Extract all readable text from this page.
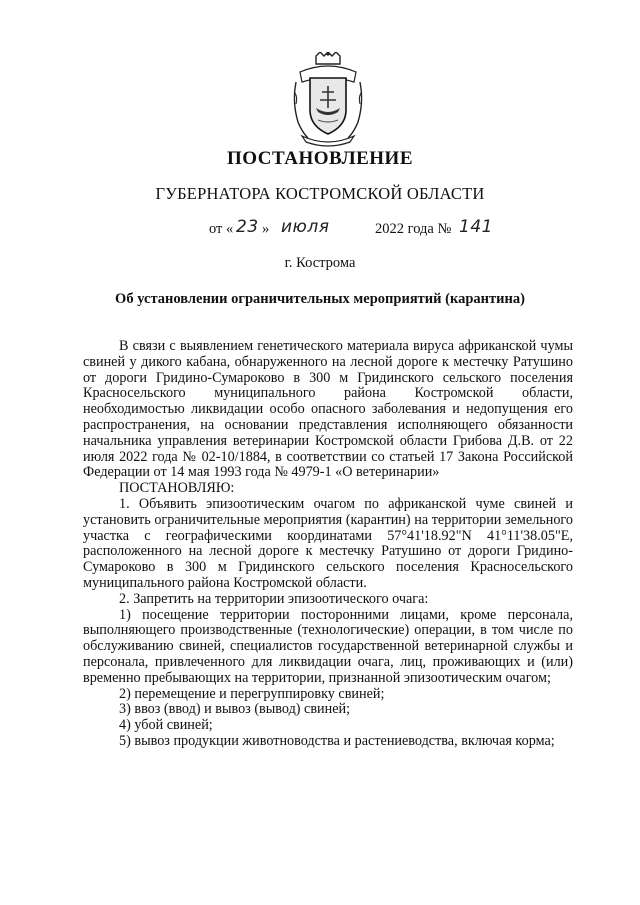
ПОСТАНОВЛЕНИЕ
ГУБЕРНАТОРА КОСТРОМСКОЙ ОБЛАСТИ
от « 23 » июля	2022 года № 141
г. Кострома
Об установлении ограничительных мероприятий (карантина)

В связи с выявлением генетического материала вируса африканской чумы свиней у дикого кабана, обнаруженного на лесной дороге к местечку Ратушино от дороги Гридино-Сумароково в 300 м Гридинского сельского поселения Красносельского муниципального района Костромской области, необходимостью ликвидации особо опасного заболевания и недопущения его распространения, на основании представления исполняющего обязанности начальника управления ветеринарии Костромской области Грибова Д.В. от 22 июля 2022 года № 02-10/1884, в соответствии со статьей 17 Закона Российской Федерации от 14 мая 1993 года № 4979-1 «О ветеринарии»

ПОСТАНОВЛЯЮ:

1. Объявить эпизоотическим очагом по африканской чуме свиней и установить ограничительные мероприятия (карантин) на территории земельного участка с географическими координатами 57°41'18.92"N 41°11'38.05"E, расположенного на лесной дороге к местечку Ратушино от дороги Гридино-Сумароково в 300 м Гридинского сельского поселения Красносельского муниципального района Костромской области.

2. Запретить на территории эпизоотического очага:

1) посещение территории посторонними лицами, кроме персонала, выполняющего производственные (технологические) операции, в том числе по обслуживанию свиней, специалистов государственной ветеринарной службы и персонала, привлеченного для ликвидации очага, лиц, проживающих и (или) временно пребывающих на территории, признанной эпизоотическим очагом;

2) перемещение и перегруппировку свиней;

3) ввоз (ввод) и вывоз (вывод) свиней;

4) убой свиней;

5) вывоз продукции животноводства и растениеводства, включая корма;
